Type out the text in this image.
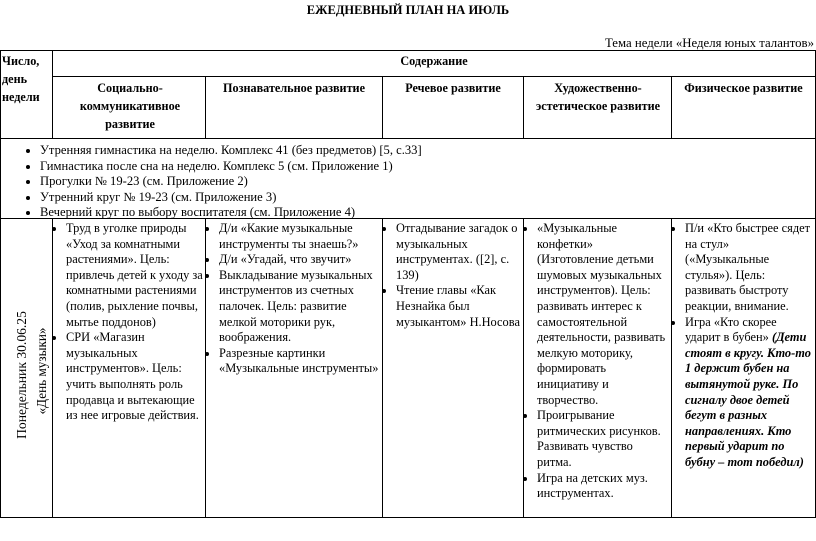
ЕЖЕДНЕВНЫЙ ПЛАН НА ИЮЛЬ
Тема недели «Неделя юных талантов»
Число, день недели
Содержание
Социально-коммуникативное развитие
Познавательное развитие	Речевое развитие	Художественно-эстетическое развитие
Физическое развитие
• Утренняя гимнастика на неделю. Комплекс 41 (без предметов) [5, с.33]
• Гимнастика после сна на неделю. Комплекс 5 (см. Приложение 1)
• Прогулки № 19-23 (см. Приложение 2)
• Утренний круг № 19-23 (см. Приложение 3)
• Вечерний круг по выбору воспитателя (см. Приложение 4)
Понедельник 30.06.25 «День музыки»
• Труд в уголке природы «Уход за комнатными растениями». Цель: привлечь детей к уходу за комнатными растениями (полив, рыхление почвы, мытье поддонов)
• СРИ «Магазин музыкальных инструментов». Цель: учить выполнять роль продавца и вытекающие из нее игровые действия.
• Д/и «Какие музыкальные инструменты ты знаешь?»
• Д/и «Угадай, что звучит»
• Выкладывание музыкальных инструментов из счетных палочек. Цель: развитие мелкой моторики рук, воображения.
• Разрезные картинки «Музыкальные инструменты»
• Отгадывание загадок о музыкальных инструментах. ([2], с. 139)
• Чтение главы «Как Незнайка был музыкантом» Н.Носова
• «Музыкальные конфетки» (Изготовление детьми шумовых музыкальных инструментов). Цель: развивать интерес к самостоятельной деятельности, развивать мелкую моторику, формировать инициативу и творчество.
• Проигрывание ритмических рисунков. Развивать чувство ритма.
• Игра на детских муз. инструментах.
• П/и «Кто быстрее сядет на стул» («Музыкальные стулья»). Цель: развивать быстроту реакции, внимание.
• Игра «Кто скорее ударит в бубен» (Дети стоят в кругу. Кто-то 1 держит бубен на вытянутой руке. По сигналу двое детей бегут в разных направлениях. Кто первый ударит по бубну – тот победил)
